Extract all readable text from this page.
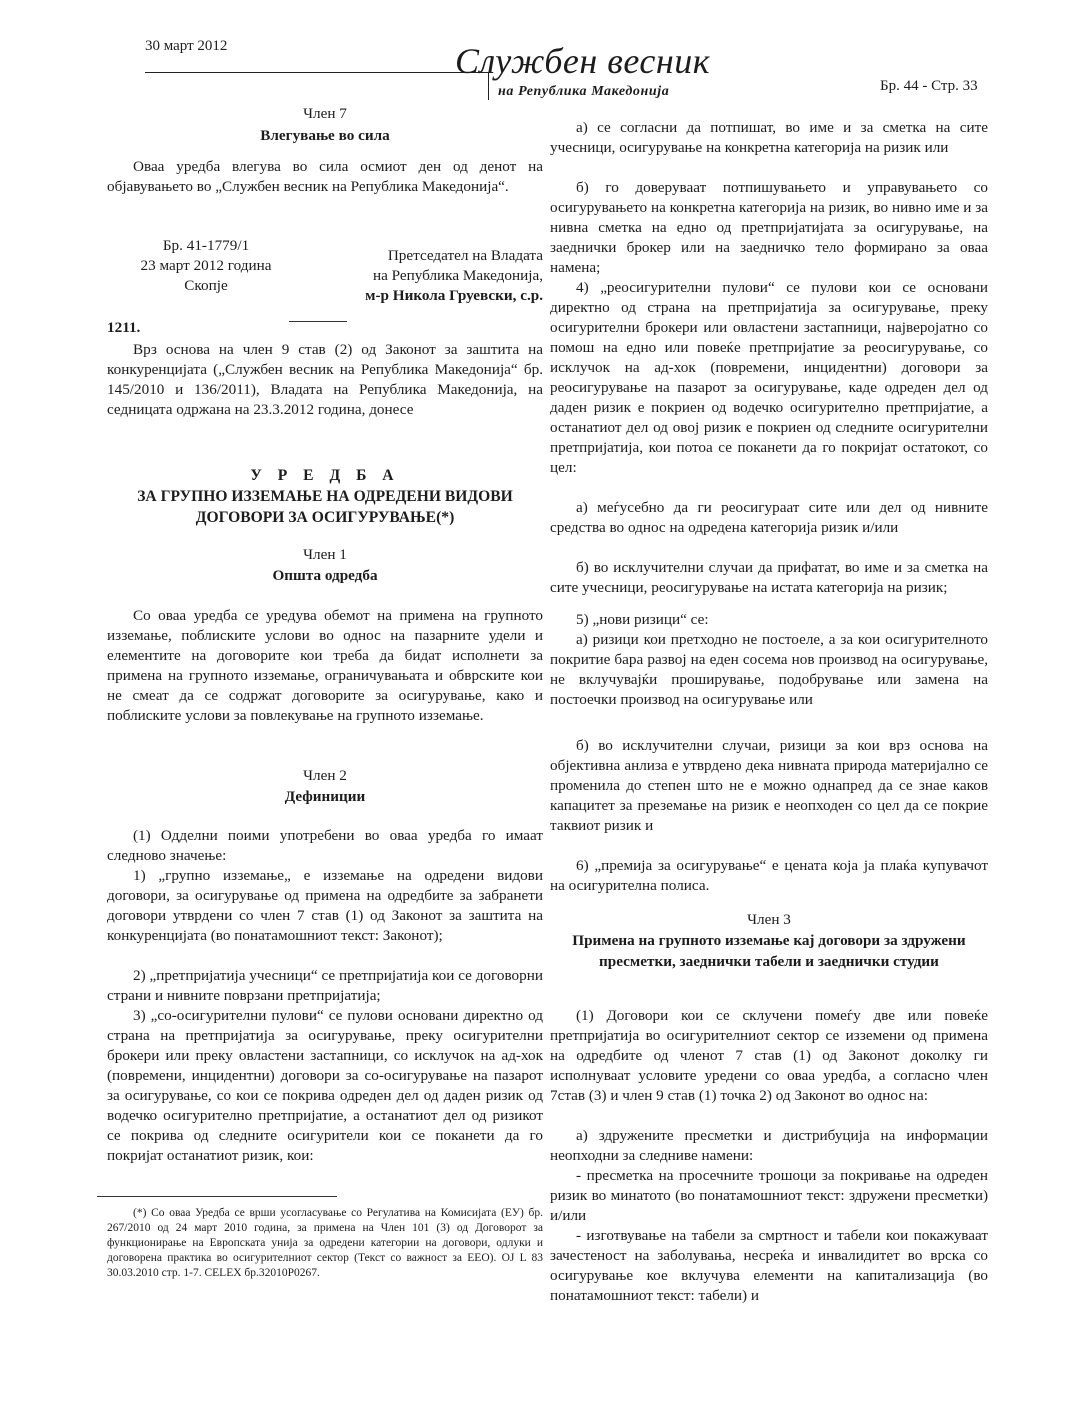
30 март 2012	Службен весник
на Република Македонија	Бр. 44 - Стр. 33
Член 7
Влегување во сила

Оваа уредба влегува во сила осмиот ден од денот на објавувањето во „Службен весник на Република Македонија“.

Бр. 41-1779/1
23 март 2012 година
Скопје
Претседател на Владата
на Република Македонија,
м-р Никола Груевски, с.р.
1211.

Врз основа на член 9 став (2) од Законот за заштита на конкуренцијата („Службен весник на Република Македонија“ бр. 145/2010 и 136/2011), Владата на Република Македонија, на седницата одржана на 23.3.2012 година, донесе

У Р Е Д Б А
ЗА ГРУПНО ИЗЗЕМАЊЕ НА ОДРЕДЕНИ ВИДОВИ
ДОГОВОРИ ЗА ОСИГУРУВАЊЕ(*)
Член 1
Општа одредба

Со оваа уредба се уредува обемот на примена на групното изземање, поблиските услови во однос на пазарните удели и елементите на договорите кои треба да бидат исполнети за примена на групното изземање, ограничувањата и обврските кои не смеат да се содржат договорите за осигурување, како и поблиските услови за повлекување на групното изземање.

Член 2
Дефиниции

(1) Одделни поими употребени во оваа уредба го имаат следново значење:

1) „групно изземање„ е изземање на одредени видови договори, за осигурување од примена на одредбите за забранети договори утврдени со член 7 став (1) од Законот за заштита на конкуренцијата (во понатамошниот текст: Законот);

2) „претпријатија учесници“ се претпријатија кои се договорни страни и нивните поврзани претпријатија;

3) „со-осигурителни пулови“ се пулови основани директно од страна на претпријатија за осигурување, преку осигурителни брокери или преку овластени застапници, со исклучок на ад-хок (повремени, инцидентни) договори за со-осигурување на пазарот за осигурување, со кои се покрива одреден дел од даден ризик од водечко осигурително претпријатие, а останатиот дел од ризикот се покрива од следните осигурители кои се поканети да го покријат останатиот ризик, кои:

(*) Со оваа Уредба се врши усогласување со Регулатива на Комисијата (ЕУ) бр. 267/2010 од 24 март 2010 година, за примена на Член 101 (3) од Договорот за функционирање на Европската унија за одредени категории на договори, одлуки и договорена практика во осигурителниот сектор (Текст со важност за ЕЕО). OJ L 83 30.03.2010 стр. 1-7. CELEX бр.32010P0267.

а) се согласни да потпишат, во име и за сметка на сите учесници, осигурување на конкретна категорија на ризик или

б) го доверуваат потпишувањето и управувањето со осигурувањето на конкретна категорија на ризик, во нивно име и за нивна сметка на едно од претпријатијата за осигурување, на заеднички брокер или на заедничко тело формирано за оваа намена;

4) „реосигурителни пулови“ се пулови кои се основани директно од страна на претпријатија за осигурување, преку осигурителни брокери или овластени застапници, највероjатно со помош на едно или повеќе претпријатие за реосигурување, со исклучок на ад-хок (повремени, инцидентни) договори за реосигурување на пазарот за осигурување, каде одреден дел од даден ризик е покриен од водечко осигурително претпријатие, а останатиот дел од овој ризик е покриен од следните осигурителни претпријатија, кои потоа се поканети да го покријат остатокот, со цел:

а) меѓусебно да ги реосигураат сите или дел од нивните средства во однос на одредена категорија ризик и/или

б) во исклучителни случаи да прифатат, во име и за сметка на сите учесници, реосигурување на истата категорија на ризик;

5) „нови ризици“ се:

а) ризици кои претходно не постоеле, а за кои осигурителното покритие бара развој на еден сосема нов производ на осигурување, не вклучувајќи проширување, подобрување или замена на постоечки производ на осигурување или

б) во исклучителни случаи, ризици за кои врз основа на објективна анлиза е утврдено дека нивната природа материјално се променила до степен што не е можно однапред да се знае каков капацитет за преземање на ризик е неопходен со цел да се покрие таквиот ризик и

6) „премија за осигурување“ е цената која ја плаќа купувачот на осигурителна полиса.

Член 3
Примена на групното изземање кај договори за здружени пресметки, заеднички табели и заеднички студии

(1) Договори кои се склучени помеѓу две или повеќе претпријатија во осигурителниот сектор се изземени од примена на одредбите од членот 7 став (1) од Законот доколку ги исполнуваат условите уредени со оваа уредба, а согласно член 7став (3) и член 9 став (1) точка 2) од Законот во однос на:

а) здружените пресметки и дистрибуција на информации неопходни за следниве намени:

- пресметка на просечните трошоци за покривање на одреден ризик во минатото (во понатамошниот текст: здружени пресметки) и/или

- изготвување на табели за смртност и табели кои покажуваат зачестеност на заболувања, несреќа и инвалидитет во врска со осигурување кое вклучува елементи на капитализација (во понатамошниот текст: табели) и
